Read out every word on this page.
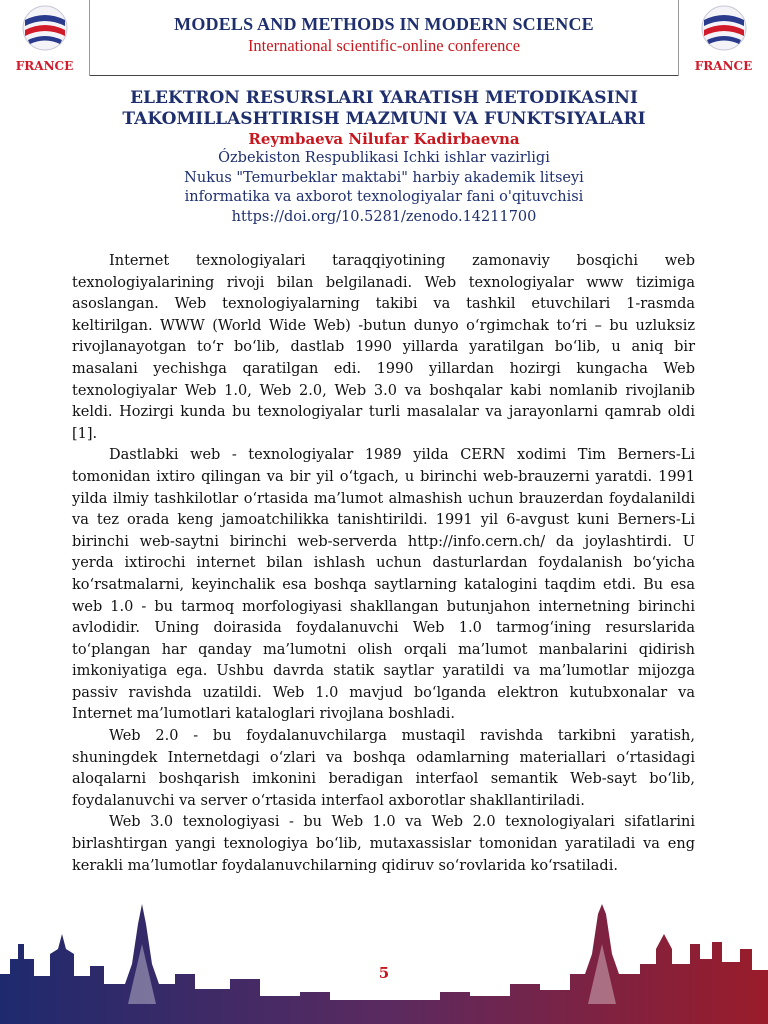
FRANCE
MODELS AND METHODS IN MODERN SCIENCE
International scientific-online conference
FRANCE
ELEKTRON RESURSLARI YARATISH METODIKASINI
TAKOMILLASHTIRISH MAZMUNI VA FUNKTSIYALARI
Reymbaeva Nilufar Kadirbaevna
Ózbekiston Respublikasi Ichki ishlar vazirligi
Nukus "Temurbeklar maktabi" harbiy akademik litseyi
informatika va axborot texnologiyalar fani o'qituvchisi
https://doi.org/10.5281/zenodo.14211700

Internet texnologiyalari taraqqiyotining zamonaviy bosqichi web texnologiyalarining rivoji bilan belgilanadi. Web texnologiyalar www tizimiga asoslangan. Web texnologiyalarning takibi va tashkil etuvchilari 1-rasmda keltirilgan. WWW (World Wide Web) -butun dunyo o‘rgimchak to‘ri – bu uzluksiz rivojlanayotgan to‘r bo‘lib, dastlab 1990 yillarda yaratilgan bo‘lib, u aniq bir masalani yechishga qaratilgan edi. 1990 yillardan hozirgi kungacha Web texnologiyalar Web 1.0, Web 2.0, Web 3.0 va boshqalar kabi nomlanib rivojlanib keldi. Hozirgi kunda bu texnologiyalar turli masalalar va jarayonlarni qamrab oldi [1].

Dastlabki web - texnologiyalar 1989 yilda CERN xodimi Tim Berners-Li tomonidan ixtiro qilingan va bir yil o‘tgach, u birinchi web-brauzerni yaratdi. 1991 yilda ilmiy tashkilotlar o‘rtasida ma’lumot almashish uchun brauzerdan foydalanildi va tez orada keng jamoatchilikka tanishtirildi. 1991 yil 6-avgust kuni Berners-Li birinchi web-saytni birinchi web-serverda http://info.cern.ch/ da joylashtirdi. U yerda ixtirochi internet bilan ishlash uchun dasturlardan foydalanish bo‘yicha ko‘rsatmalarni, keyinchalik esa boshqa saytlarning katalogini taqdim etdi. Bu esa web 1.0 - bu tarmoq morfologiyasi shakllangan butunjahon internetning birinchi avlodidir. Uning doirasida foydalanuvchi Web 1.0 tarmog‘ining resurslarida to‘plangan har qanday ma’lumotni olish orqali ma’lumot manbalarini qidirish imkoniyatiga ega. Ushbu davrda statik saytlar yaratildi va ma’lumotlar mijozga passiv ravishda uzatildi. Web 1.0 mavjud bo‘lganda elektron kutubxonalar va Internet ma’lumotlari kataloglari rivojlana boshladi.

Web 2.0 - bu foydalanuvchilarga mustaqil ravishda tarkibni yaratish, shuningdek Internetdagi o‘zlari va boshqa odamlarning materiallari o‘rtasidagi aloqalarni boshqarish imkonini beradigan interfaol semantik Web-sayt bo‘lib, foydalanuvchi va server o‘rtasida interfaol axborotlar shakllantiriladi.

Web 3.0 texnologiyasi - bu Web 1.0 va Web 2.0 texnologiyalari sifatlarini birlashtirgan yangi texnologiya bo‘lib, mutaxassislar tomonidan yaratiladi va eng kerakli ma’lumotlar foydalanuvchilarning qidiruv so‘rovlarida ko‘rsatiladi.

5
